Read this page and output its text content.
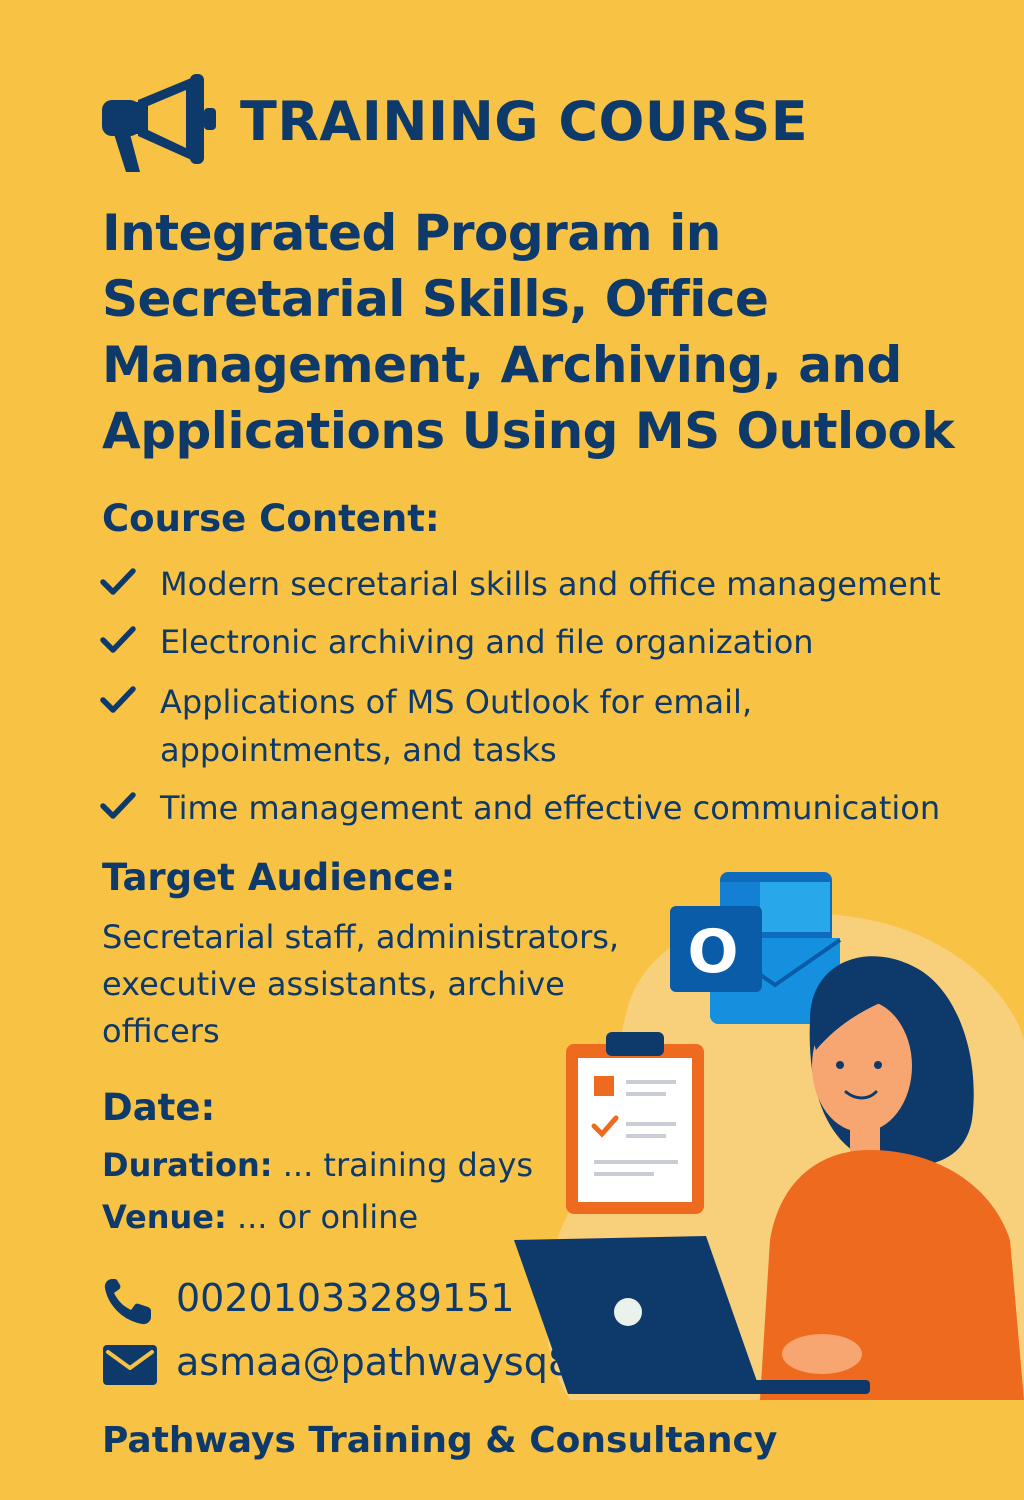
TRAINING COURSE
Integrated Program in
Secretarial Skills, Office
Management, Archiving, and
Applications Using MS Outlook
Course Content:
Modern secretarial skills and office management
Electronic archiving and file organization
Applications of MS Outlook for email,
appointments, and tasks
Time management and effective communication
Target Audience:
Secretarial staff, administrators,
executive assistants, archive
officers
Date:
Duration: ... training days
Venue: ... or online
00201033289151
O
asmaa@pathwaysq8.com
Pathways Training & Consultancy
